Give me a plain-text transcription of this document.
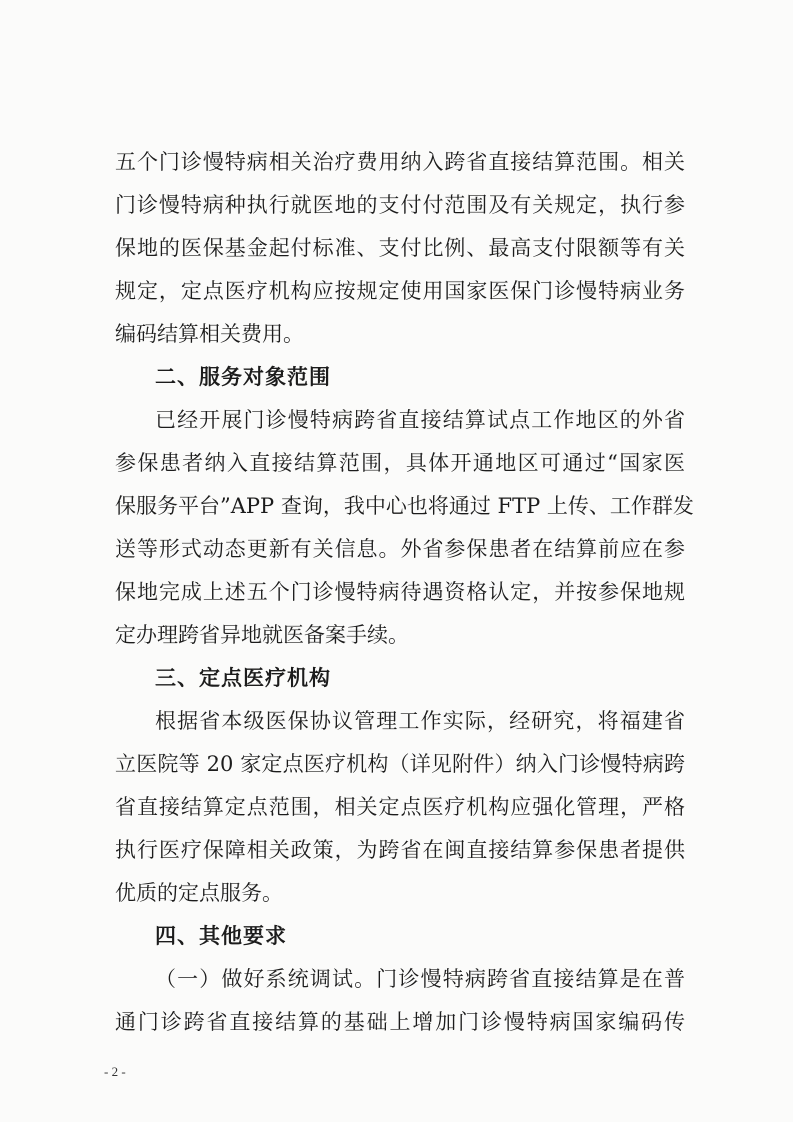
五个门诊慢特病相关治疗费用纳入跨省直接结算范围。相关
门诊慢特病种执行就医地的支付付范围及有关规定，执行参
保地的医保基金起付标准、支付比例、最高支付限额等有关
规定，定点医疗机构应按规定使用国家医保门诊慢特病业务
编码结算相关费用。
二、服务对象范围
已经开展门诊慢特病跨省直接结算试点工作地区的外省
参保患者纳入直接结算范围，具体开通地区可通过“国家医
保服务平台”APP 查询，我中心也将通过 FTP 上传、工作群发
送等形式动态更新有关信息。外省参保患者在结算前应在参
保地完成上述五个门诊慢特病待遇资格认定，并按参保地规
定办理跨省异地就医备案手续。
三、定点医疗机构
根据省本级医保协议管理工作实际，经研究，将福建省
立医院等 20 家定点医疗机构（详见附件）纳入门诊慢特病跨
省直接结算定点范围，相关定点医疗机构应强化管理，严格
执行医疗保障相关政策，为跨省在闽直接结算参保患者提供
优质的定点服务。
四、其他要求
（一）做好系统调试。门诊慢特病跨省直接结算是在普
通门诊跨省直接结算的基础上增加门诊慢特病国家编码传
- 2 -
